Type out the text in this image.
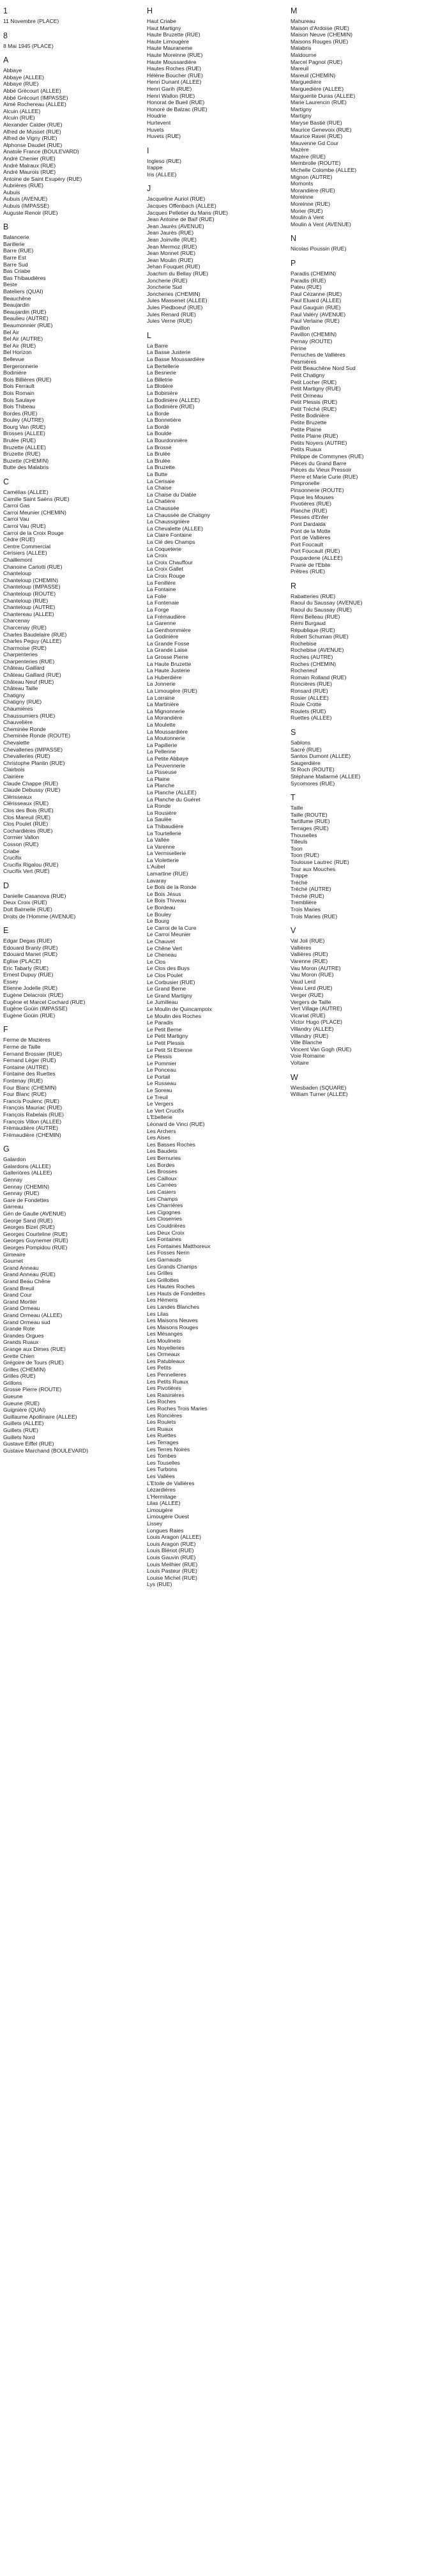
1
11 Novembre (PLACE)
8
8 Mai 1945 (PLACE)
A
Abbaye
Abbaye (ALLEE)
Abbaye (RUE)
Abbé Grécourt (ALLEE)
Abbé Grécourt (IMPASSE)
Aimé Rochereau (ALLEE)
Alcuin (ALLEE)
Alcuin (RUE)
Alexander Calder (RUE)
Alfred de Musset (RUE)
Alfred de Vigny (RUE)
Alphonse Daudet (RUE)
Anatole France (BOULEVARD)
André Chenier (RUE)
André Malraux (RUE)
André Maurois (RUE)
Antoine de Saint Exupéry (RUE)
Aubrières (RUE)
Aubuis
Aubuis (AVENUE)
Aubuis (IMPASSE)
Auguste Renoir (RUE)
B
Balancerie
Barillerie
Barre (RUE)
Barre Est
Barre Sud
Bas Criabe
Bas Thibaudières
Beste
Bateliers (QUAI)
Beauchêne
Beaujardin
Beaujardin (RUE)
Beaulieu (AUTRE)
Beaumonnier (RUE)
Bel Air
Bel Air (AUTRE)
Bel Air (RUE)
Bel Horizon
Bellevue
Bergeronnerie
Bodinière
Bois Billières (RUE)
Bois Ferrault
Bois Romain
Bois Saulaye
Bois Thibeau
Bordes (RUE)
Bouley (AUTRE)
Bourg Van (RUE)
Brosses (ALLEE)
Brulée (RUE)
Bruzette (ALLEE)
Bruzette (RUE)
Buzette (CHEMIN)
Butte des Malabris
C
Camélias (ALLEE)
Camille Saint Saëns (RUE)
Carroi Gas
Carroi Meunier (CHEMIN)
Carroi Vau
Carroi Vau (RUE)
Carroi de la Croix Rouge
Cèdre (RUE)
Centre Commercial
Cerisiers (ALLEE)
Chaillemont
Chanoine Carlotti (RUE)
Chanteloup
Chanteloup (CHEMIN)
Chanteloup (IMPASSE)
Chanteloup (ROUTE)
Chanteloup (RUE)
Chanteloup (AUTRE)
Chantereau (ALLEE)
Charcenay
Charcenay (RUE)
Charles Baudelaire (RUE)
Charles Peguy (ALLEE)
Charmoise (RUE)
Charpenteries
Charpenteries (RUE)
Château Gaillard
Château Gaillard (RUE)
Château Neuf (RUE)
Château Taille
Chatigny
Chatigny (RUE)
Chaumières
Chaussumiers (RUE)
Chauvelière
Cheminée Ronde
Cheminée Ronde (ROUTE)
Chevalette
Chevalleries (IMPASSE)
Chevalleries (RUE)
Christophe Plantin (RUE)
Clairbois
Clairière
Claude Chappe (RUE)
Claude Debussy (RUE)
Clérisseaux
Clérisseaux (RUE)
Clos des Bois (RUE)
Clos Mareuil (RUE)
Clos Poulet (RUE)
Cochardières (RUE)
Cormier Vallon
Cosson (RUE)
Criabe
Crucifix
Crucifix Rigalou (RUE)
Crucifix Vert (RUE)
D
Danielle Casanova (RUE)
Deux Croix (RUE)
Dolt Balmelle (RUE)
Droits de l'Homme (AVENUE)
E
Edgar Degas (RUE)
Edouard Branly (RUE)
Edouard Manet (RUE)
Eglise (PLACE)
Eric Tabarly (RUE)
Ernest Dupuy (RUE)
Essey
Etienne Jodelle (RUE)
Eugène Delacroix (RUE)
Eugène et Marcel Cochard (RUE)
Eugène Goüin (IMPASSE)
Eugène Goüin (RUE)
F
Ferme de Mazières
Ferme de Taille
Fernand Brossier (RUE)
Fernand Léger (RUE)
Fontaine (AUTRE)
Fontaine des Ruettes
Fontenay (RUE)
Four Blanc (CHEMIN)
Four Blanc (RUE)
Francis Poulenc (RUE)
François Mauriac (RUE)
François Rabelais (RUE)
François Villon (ALLEE)
Frémaudière (AUTRE)
Frémaudière (CHEMIN)
G
Galardon
Galardons (ALLEE)
Galleriòres (ALLEE)
Gennay
Gennay (CHEMIN)
Gennay (RUE)
Gare de Fondettes
Garreau
Gén de Gaulle (AVENUE)
George Sand (RUE)
Georges Bizet (RUE)
Georges Courteline (RUE)
Georges Guynemer (RUE)
Georges Pompidou (RUE)
Gimeaire
Gournet
Grand Anneau
Grand Anneau (RUE)
Grand Beau Chêne
Grand Breuil
Grand Cour
Grand Mortier
Grand Ormeau
Grand Ormeau (ALLEE)
Grand Ormeau sud
Grande Rote
Grandes Orgues
Grands Ruaux
Grange aux Dimes (RUE)
Grette Chien
Grégoire de Tours (RUE)
Grilles (CHEMIN)
Grilles (RUE)
Grillons
Grosse Pierre (ROUTE)
Gueune
Gueune (RUE)
Guignière (QUAI)
Guillaume Apollinaire (ALLEE)
Guillets (ALLEE)
Guillets (RUE)
Guillets Nord
Gustave Eiffel (RUE)
Gustave Marchand (BOULEVARD)
H
Haut Criabe
Haut Martigny
Haute Bruzette (RUE)
Haute Limougère
Haute Mauraneme
Haute Moreinne (RUE)
Haute Moussardière
Hautes Roches (RUE)
Hélène Boucher (RUE)
Henri Dunant (ALLEE)
Henri Garih (RUE)
Henri Wallon (RUE)
Honorat de Bueil (RUE)
Honoré de Balzac (RUE)
Houdrie
Hurtevent
Huvets
Huvets (RUE)
I
Ingleso (RUE)
Irappe
Iris (ALLEE)
J
Jacqueline Auriol (RUE)
Jacques Offenbach (ALLEE)
Jacques Pelletier du Mans (RUE)
Jean Antoine de Baïf (RUE)
Jean Jaurès (AVENUE)
Jean Jaurès (RUE)
Jean Joinville (RUE)
Jean Mermoz (RUE)
Jean Monnet (RUE)
Jean Moulin (RUE)
Jehan Fouquet (RUE)
Joachim du Bellay (RUE)
Joncherie (RUE)
Joncherie Sud
Joncheries (CHEMIN)
Jules Massenet (ALLEE)
Jules Piedboeuf (RUE)
Jules Renard (RUE)
Jules Verne (RUE)
L
La Barre
La Basse Justerie
La Basse Moussardière
La Bertellerie
La Besnerie
La Billetrie
La Blotière
La Bobinière
La Bodinière (ALLEE)
La Bodinière (RUE)
La Borde
La Bonnetière
La Bordé
La Boulde
La Bourdonnière
La Brosse
La Brulée
La Brulée
La Bruzette
La Butte
La Cerisaie
La Chaise
La Chaise du Diable
La Chatière
La Chaussée
La Chaussée de Chatigny
La Chaussignière
La Chevalette (ALLEE)
La Claire Fontaine
La Clé des Champs
La Coqueterie
La Croix
La Croix Chauffour
La Croix Gallet
La Croix Rouge
La Fenillère
La Fontaine
La Folie
La Fontenaie
La Forge
La Frémaudière
La Garenne
La Genthommière
La Godinière
La Grande Fosse
La Grande Laise
La Grosse Pierre
La Haute Bruzette
La Haute Justerie
La Huberdière
La Jonnerie
La Limougère (RUE)
La Lorraine
La Martinière
La Mignonnerie
La Morandière
La Moulette
La Moussardière
La Moutonnerie
La Papillerie
La Pellerine
La Petite Abbaye
La Peuvennerie
La Pisseuse
La Plaine
La Planche
La Planche (ALLEE)
La Planche du Guéret
La Ronde
La Rousière
La Saulée
La Thibaudière
La Tourtellerie
La Vallée
La Varenne
La Vermisellerie
La Violetterie
L'Aubel
Lamartine (RUE)
Lavaray
Le Bois de la Ronde
Le Bois Jésus
Le Bois Thiveau
Le Bordeau
Le Bouley
Le Bourg
Le Carroi de la Cure
Le Carroi Meunier
Le Chauvet
Le Chêne Vert
Le Cheneau
Le Clos
Le Clos des Buys
Le Clos Poulet
Le Corbusier (RUE)
Le Grand Berne
Le Grand Martigny
Le Jumilleau
Le Moulin de Quincampoix
Le Moulin des Roches
Le Paradis
Le Petit Berne
Le Petit Martigny
Le Petit Plessis
Le Petit St Etienne
Le Plessis
Le Pommier
Le Ponceau
Le Portail
Le Russeau
Le Soreau
Le Treuil
Le Vergers
Le Vert Crucifix
L'Ebellerie
Léonard de Vinci (RUE)
Les Archers
Les Aises
Les Basses Roches
Les Baudets
Les Bernuries
Les Bordes
Les Brosses
Les Cailloux
Les Carrées
Les Casiers
Les Champs
Les Charrières
Les Cigognes
Les Closerries
Les Couldrières
Les Deux Croix
Les Fontaines
Les Fontaines Matthoreux
Les Fosses Nerin
Les Garnauds
Les Grands Champs
Les Grilles
Les Grillottes
Les Hautes Roches
Les Hauts de Fondettes
Les Hémeris
Les Landes Blanches
Les Lilas
Les Maisons Neuves
Les Maisons Rouges
Les Mésanges
Les Moulinets
Les Noyelleries
Les Ormeaux
Les Patubleaux
Les Petits
Les Pennelleres
Les Petits Ruaux
Les Pivotières
Les Raisinières
Les Roches
Les Roches Trois Maries
Les Roncières
Les Roulets
Les Ruaux
Les Ruettes
Les Terrages
Les Terres Noires
Les Tombes
Les Touselles
Les Turbons
Les Vallées
L'Etoile de Vallières
Lézardières
L'Hermitage
Lilas (ALLEE)
Limougère
Limougère Ouest
Lissey
Longues Raies
Louis Aragon (ALLEE)
Louis Aragon (RUE)
Louis Blériot (RUE)
Louis Gauvin (RUE)
Louis Meilhier (RUE)
Louis Pasteur (RUE)
Louise Michel (RUE)
Lys (RUE)
M
Mahureau
Maison d'Ardoise (RUE)
Maison Neuve (CHEMIN)
Maisons Rouges (RUE)
Malabris
Maldourne
Marcel Pagnol (RUE)
Mareuil
Mareuil (CHEMIN)
Marguedière
Marguedière (ALLEE)
Marguerite Duras (ALLEE)
Marie Laurencin (RUE)
Martigny
Martigny
Maryse Bastié (RUE)
Maurice Genevoix (RUE)
Maurice Ravel (RUE)
Mauvenne Gd Cour
Mazère
Mazère (RUE)
Membrolle (ROUTE)
Michelle Colombe (ALLEE)
Mignon (AUTRE)
Momonts
Morandière (RUE)
Moreinne
Moreinne (RUE)
Morier (RUE)
Moulin à Vent
Moulin à Vent (AVENUE)
N
Nicolas Poussin (RUE)
P
Paradis (CHEMIN)
Paradis (RUE)
Pateu (RUE)
Paul Cézanne (RUE)
Paul Eluard (ALLEE)
Paul Gauguin (RUE)
Paul Valéry (AVENUE)
Paul Verlaine (RUE)
Pavillon
Pavillon (CHEMIN)
Pernay (ROUTE)
Périne
Perruches de Vallières
Pesmières
Petit Beauchêne Nord Sud
Petit Chatigny
Petit Locher (RUE)
Petit Martigny (RUE)
Petit Ormeau
Petit Plessis (RUE)
Petit Tréché (RUE)
Petite Bodinière
Petite Bruzette
Petite Plaine
Petite Plaine (RUE)
Petits Noyers (AUTRE)
Petits Ruaux
Philippe de Commynes (RUE)
Pièces du Grand Barre
Pièces du Vieux Pressoir
Pierre et Marie Curie (RUE)
Pimpronelle
Pinsonnerie (ROUTE)
Pique les Mouses
Pivotières (RUE)
Planche (RUE)
Plesses d'Enfer
Pont Dardaida
Pont de la Motte
Port de Vallières
Port Foucault
Port Foucault (RUE)
Pouparderie (ALLEE)
Prairie de l'Ebite
Prêtres (RUE)
R
Rabatteries (RUE)
Raoul du Saussay (AVENUE)
Raoul du Saussay (RUE)
Rémi Belleau (RUE)
Rémi Burgaud
République (RUE)
Robert Schuman (RUE)
Rochebise
Rochebise (AVENUE)
Roches (AUTRE)
Roches (CHEMIN)
Rocheneuf
Romain Rolland (RUE)
Roncières (RUE)
Ronsard (RUE)
Rosier (ALLEE)
Roule Crotte
Roulets (RUE)
Ruettes (ALLEE)
S
Sablons
Sacré (RUE)
Santos Dumont (ALLEE)
Saugerdière
St Roch (ROUTE)
Stéphane Mallarmé (ALLEE)
Sycomores (RUE)
T
Taille
Taille (ROUTE)
Tartifume (RUE)
Terrages (RUE)
Thouselles
Tilleuls
Toon
Toon (RUE)
Toulouse Lautrec (RUE)
Tour aux Mouches
Trappe
Tréché
Tréché (AUTRE)
Tréché (RUE)
Tremblière
Trois Maries
Trois Maries (RUE)
V
Val Joli (RUE)
Vallières
Vallières (RUE)
Varenne (RUE)
Vau Moron (AUTRE)
Vau Moron (RUE)
Vaud Lerd
Veau Lerd (RUE)
Verger (RUE)
Vergers de Taille
Vert Village (AUTRE)
Vicariat (RUE)
Victor Hugo (PLACE)
Villandry (ALLEE)
Villandry (RUE)
Ville Blanche
Vincent Van Gogh (RUE)
Voie Romaine
Voltaire
W
Wiesbaden (SQUARE)
William Turner (ALLEE)
